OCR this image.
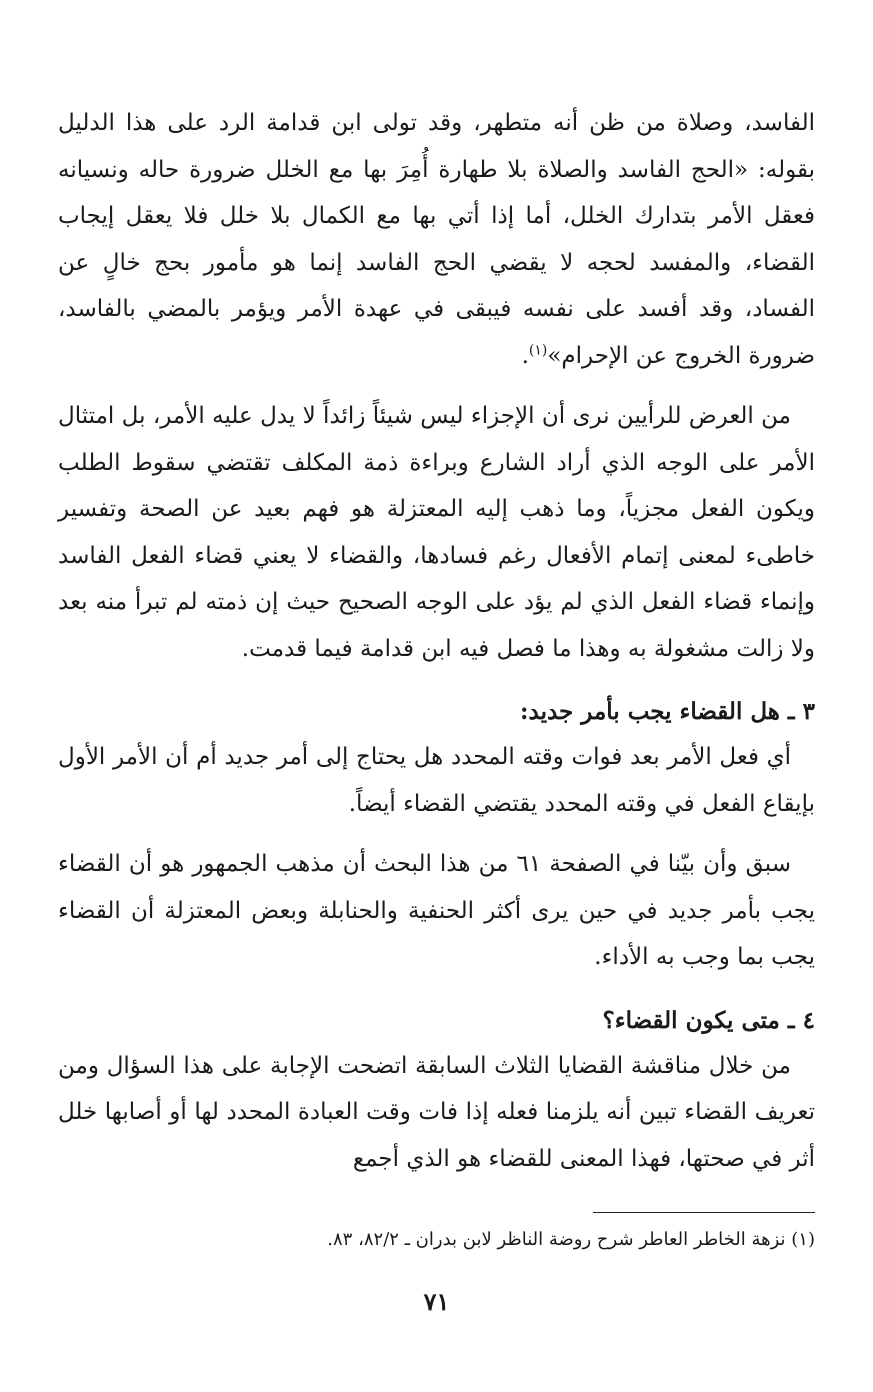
الفاسد، وصلاة من ظن أنه متطهر، وقد تولى ابن قدامة الرد على هذا الدليل بقوله: «الحج الفاسد والصلاة بلا طهارة أُمِرَ بها مع الخلل ضرورة حاله ونسيانه فعقل الأمر بتدارك الخلل، أما إذا أتي بها مع الكمال بلا خلل فلا يعقل إيجاب القضاء، والمفسد لحجه لا يقضي الحج الفاسد إنما هو مأمور بحج خالٍ عن الفساد، وقد أفسد على نفسه فيبقى في عهدة الأمر ويؤمر بالمضي بالفاسد، ضرورة الخروج عن الإحرام»$^{(١)}$.

من العرض للرأيين نرى أن الإجزاء ليس شيئاً زائداً لا يدل عليه الأمر، بل امتثال الأمر على الوجه الذي أراد الشارع وبراءة ذمة المكلف تقتضي سقوط الطلب ويكون الفعل مجزياً، وما ذهب إليه المعتزلة هو فهم بعيد عن الصحة وتفسير خاطىء لمعنى إتمام الأفعال رغم فسادها، والقضاء لا يعني قضاء الفعل الفاسد وإنماء قضاء الفعل الذي لم يؤد على الوجه الصحيح حيث إن ذمته لم تبرأ منه بعد ولا زالت مشغولة به وهذا ما فصل فيه ابن قدامة فيما قدمت.

٣ ـ هل القضاء يجب بأمر جديد:

أي فعل الأمر بعد فوات وقته المحدد هل يحتاج إلى أمر جديد أم أن الأمر الأول بإيقاع الفعل في وقته المحدد يقتضي القضاء أيضاً.

سبق وأن بيّنا في الصفحة ٦١ من هذا البحث أن مذهب الجمهور هو أن القضاء يجب بأمر جديد في حين يرى أكثر الحنفية والحنابلة وبعض المعتزلة أن القضاء يجب بما وجب به الأداء.

٤ ـ متى يكون القضاء؟

من خلال مناقشة القضايا الثلاث السابقة اتضحت الإجابة على هذا السؤال ومن تعريف القضاء تبين أنه يلزمنا فعله إذا فات وقت العبادة المحدد لها أو أصابها خلل أثر في صحتها، فهذا المعنى للقضاء هو الذي أجمع

(١) نزهة الخاطر العاطر شرح روضة الناظر لابن بدران ـ ٨٢/٢، ٨٣.

٧١
